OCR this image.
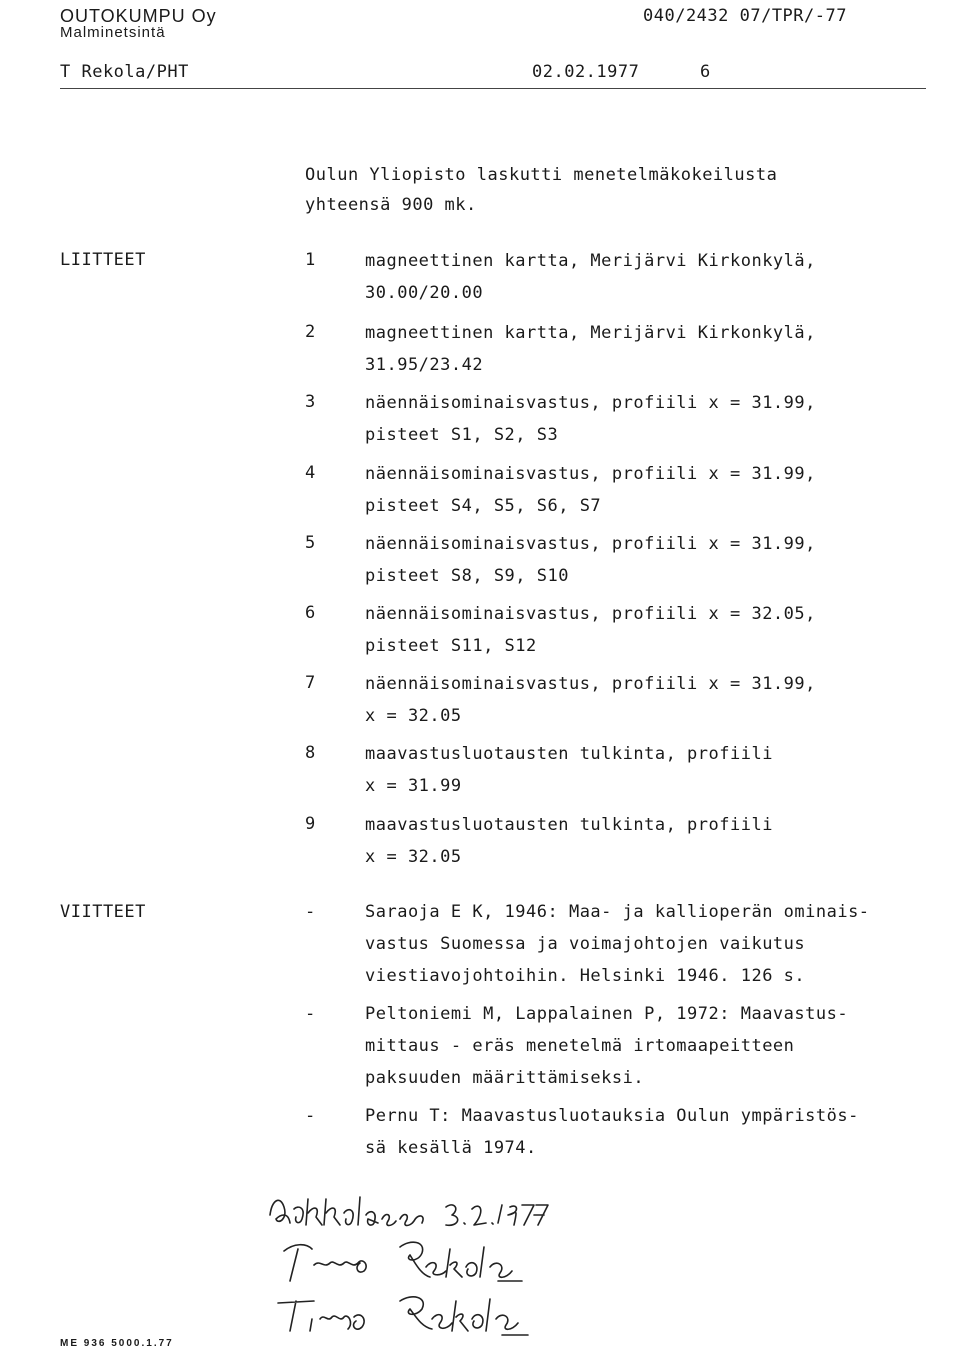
OUTOKUMPU Oy
Malminetsintä
040/2432 07/TPR/-77
T Rekola/PHT	02.02.1977	6
Oulun Yliopisto laskutti menetelmäkokeilusta
yhteensä 900 mk.
LIITTEET	1	magneettinen kartta, Merijärvi Kirkonkylä,
30.00/20.00
2	magneettinen kartta, Merijärvi Kirkonkylä,
31.95/23.42
3	näennäisominaisvastus, profiili x = 31.99,
pisteet S1, S2, S3
4	näennäisominaisvastus, profiili x = 31.99,
pisteet S4, S5, S6, S7
5	näennäisominaisvastus, profiili x = 31.99,
pisteet S8, S9, S10
6	näennäisominaisvastus, profiili x = 32.05,
pisteet S11, S12
7	näennäisominaisvastus, profiili x = 31.99,
x = 32.05
8	maavastusluotausten tulkinta, profiili
x = 31.99
9	maavastusluotausten tulkinta, profiili
x = 32.05
VIITTEET	-	Saraoja E K, 1946: Maa- ja kallioperän ominais-
vastus Suomessa ja voimajohtojen vaikutus
viestiavojohtoihin. Helsinki 1946. 126 s.
-	Peltoniemi M, Lappalainen P, 1972: Maavastus-
mittaus - eräs menetelmä irtomaapeitteen
paksuuden määrittämiseksi.
-	Pernu T: Maavastusluotauksia Oulun ympäristös-
sä kesällä 1974.
ME 936 5000.1.77
